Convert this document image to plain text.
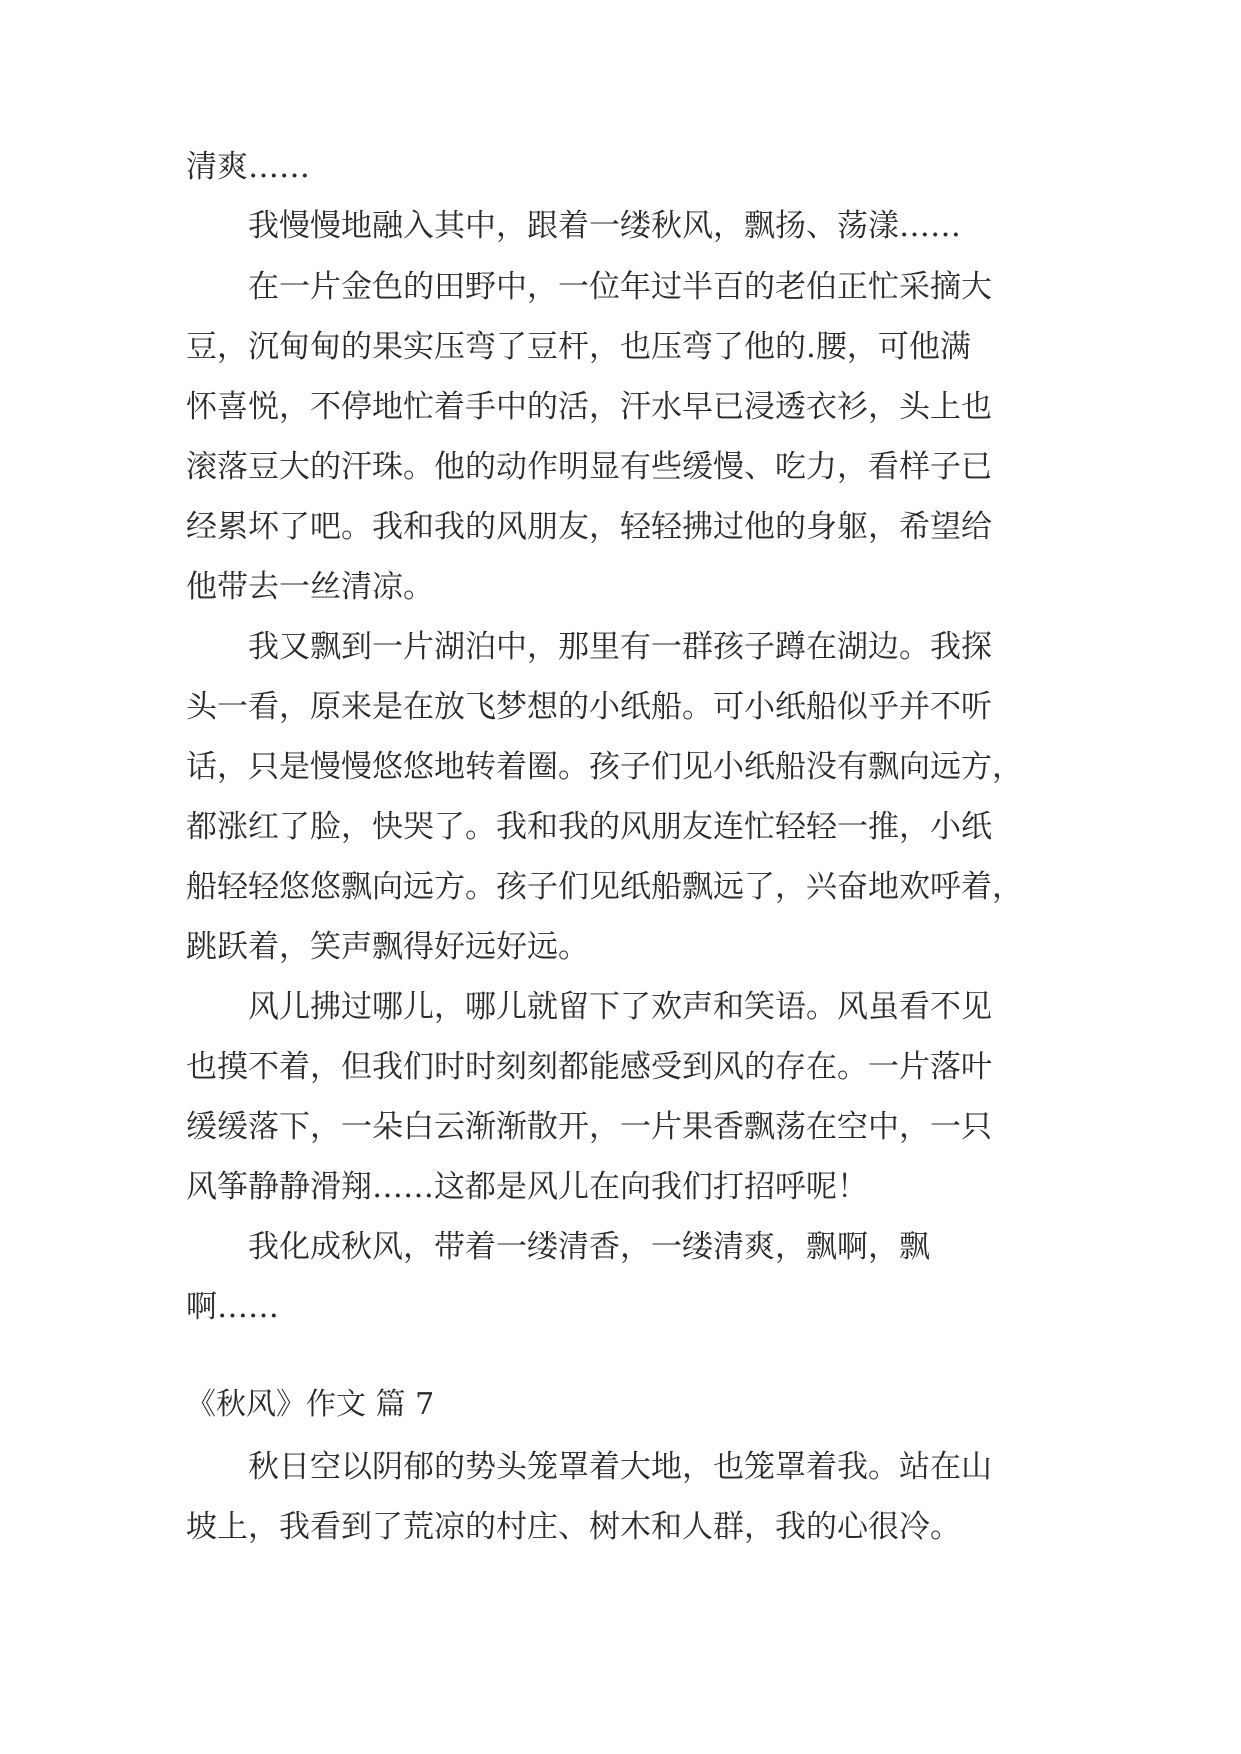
清爽……

我慢慢地融入其中，跟着一缕秋风，飘扬、荡漾……

在一片金色的田野中，一位年过半百的老伯正忙采摘大

豆，沉甸甸的果实压弯了豆杆，也压弯了他的.腰，可他满

怀喜悦，不停地忙着手中的活，汗水早已浸透衣衫，头上也

滚落豆大的汗珠。他的动作明显有些缓慢、吃力，看样子已

经累坏了吧。我和我的风朋友，轻轻拂过他的身躯，希望给

他带去一丝清凉。

我又飘到一片湖泊中，那里有一群孩子蹲在湖边。我探

头一看，原来是在放飞梦想的小纸船。可小纸船似乎并不听

话，只是慢慢悠悠地转着圈。孩子们见小纸船没有飘向远方，

都涨红了脸，快哭了。我和我的风朋友连忙轻轻一推，小纸

船轻轻悠悠飘向远方。孩子们见纸船飘远了，兴奋地欢呼着，

跳跃着，笑声飘得好远好远。

风儿拂过哪儿，哪儿就留下了欢声和笑语。风虽看不见

也摸不着，但我们时时刻刻都能感受到风的存在。一片落叶

缓缓落下，一朵白云渐渐散开，一片果香飘荡在空中，一只

风筝静静滑翔……这都是风儿在向我们打招呼呢！

我化成秋风，带着一缕清香，一缕清爽，飘啊，飘

啊……

《秋风》作文 篇 7

秋日空以阴郁的势头笼罩着大地，也笼罩着我。站在山

坡上，我看到了荒凉的村庄、树木和人群，我的心很冷。
